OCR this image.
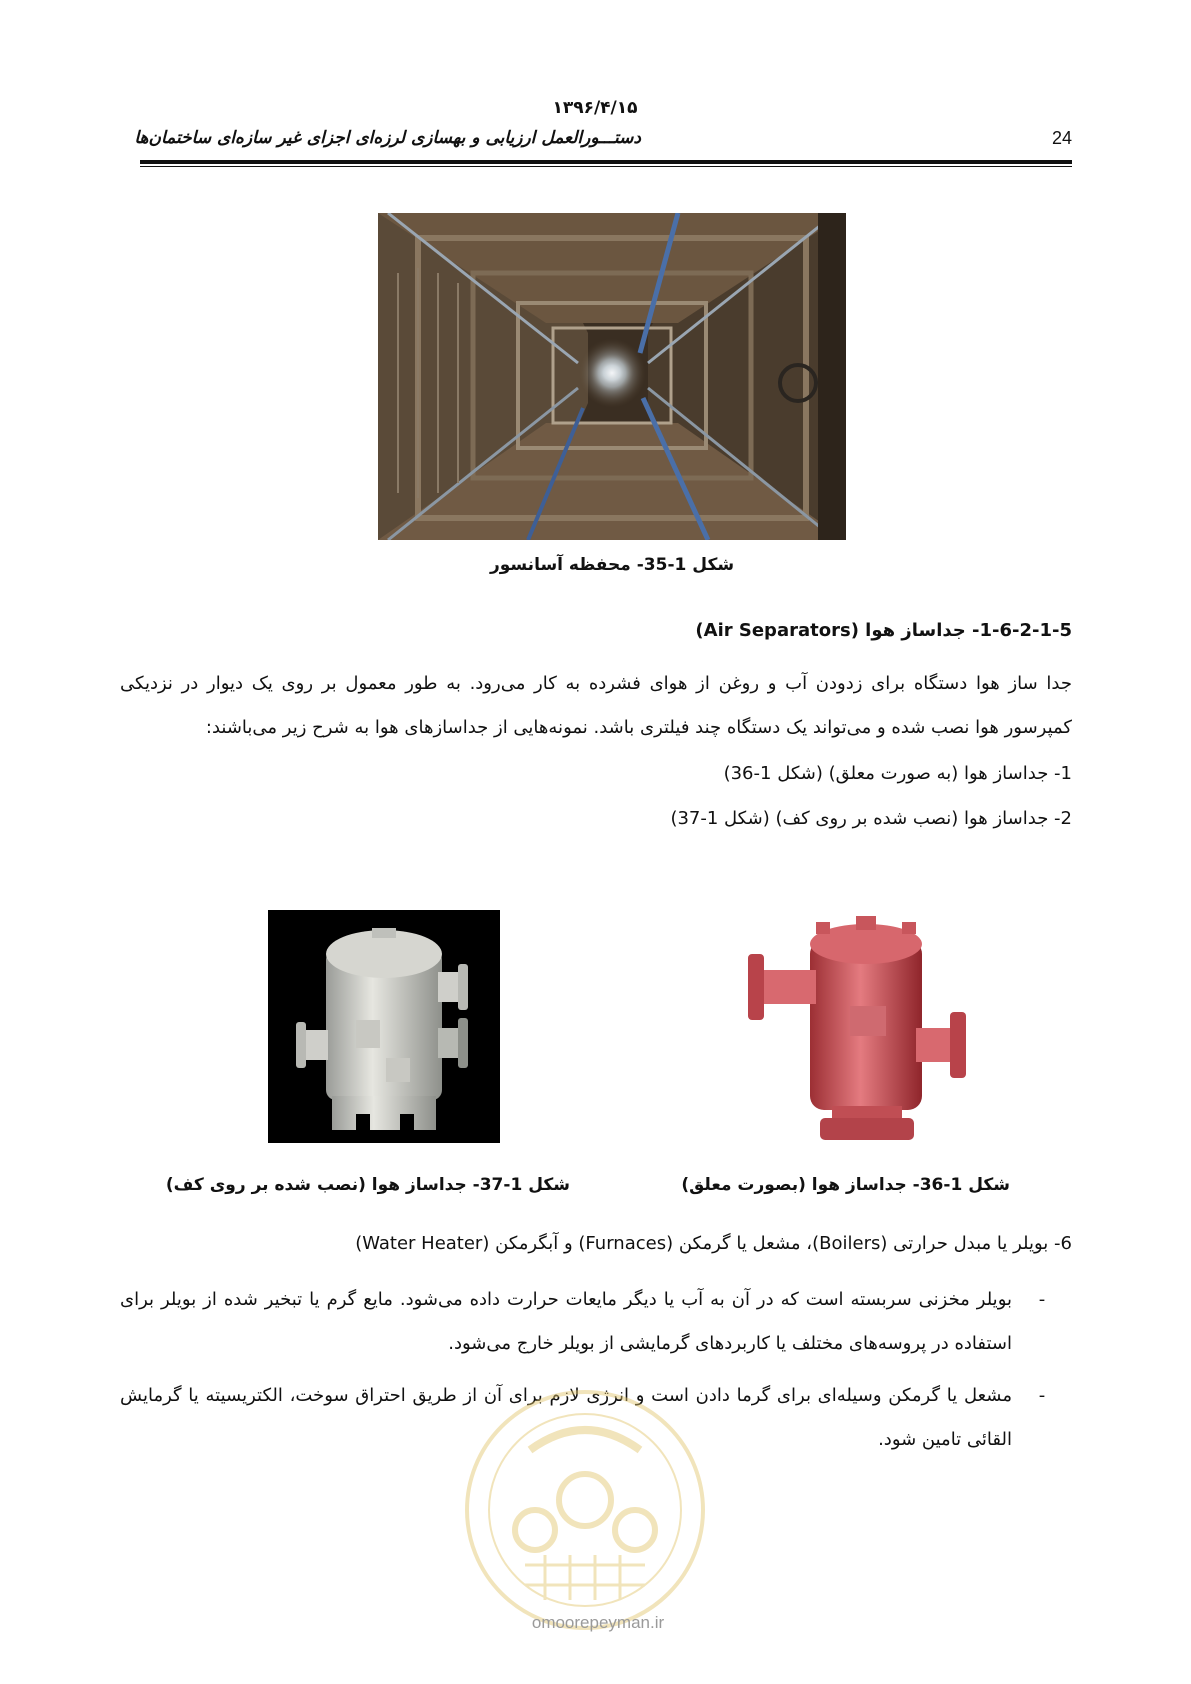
۱۳۹۶/۴/۱۵
دستـــورالعمل ارزیابی و بهسازی لرزه‌ای اجزای غیر سازه‌ای ساختمان‌ها	24
شکل 1-35- محفظه آسانسور
1-6-2-1-5- جداساز هوا (Air Separators)
جدا ساز هوا دستگاه برای زدودن آب و روغن از هوای فشرده به کار می‌رود. به طور معمول بر روی یک دیوار در نزدیکی کمپرسور هوا نصب شده و می‌تواند یک دستگاه چند فیلتری باشد. نمونه‌هایی از جداسازهای هوا به شرح زیر می‌باشند:
1- جداساز هوا (به صورت معلق) (شکل 1-36)
2- جداساز هوا (نصب شده بر روی کف) (شکل 1-37)
شکل 1-37- جداساز هوا (نصب شده بر روی کف)	شکل 1-36- جداساز هوا (بصورت معلق)
6- بویلر یا مبدل حرارتی (Boilers)، مشعل یا گرمکن (Furnaces) و آبگرمکن (Water Heater)
-
بویلر مخزنی سربسته است که در آن به آب یا دیگر مایعات حرارت داده می‌شود. مایع گرم یا تبخیر شده از بویلر برای استفاده در پروسه‌های مختلف یا کاربردهای گرمایشی از بویلر خارج می‌شود.
-
مشعل یا گرمکن وسیله‌ای برای گرما دادن است و انرژی لازم برای آن از طریق احتراق سوخت، الکتریسیته یا گرمایش القائی تامین شود.
omoorepeyman.ir
